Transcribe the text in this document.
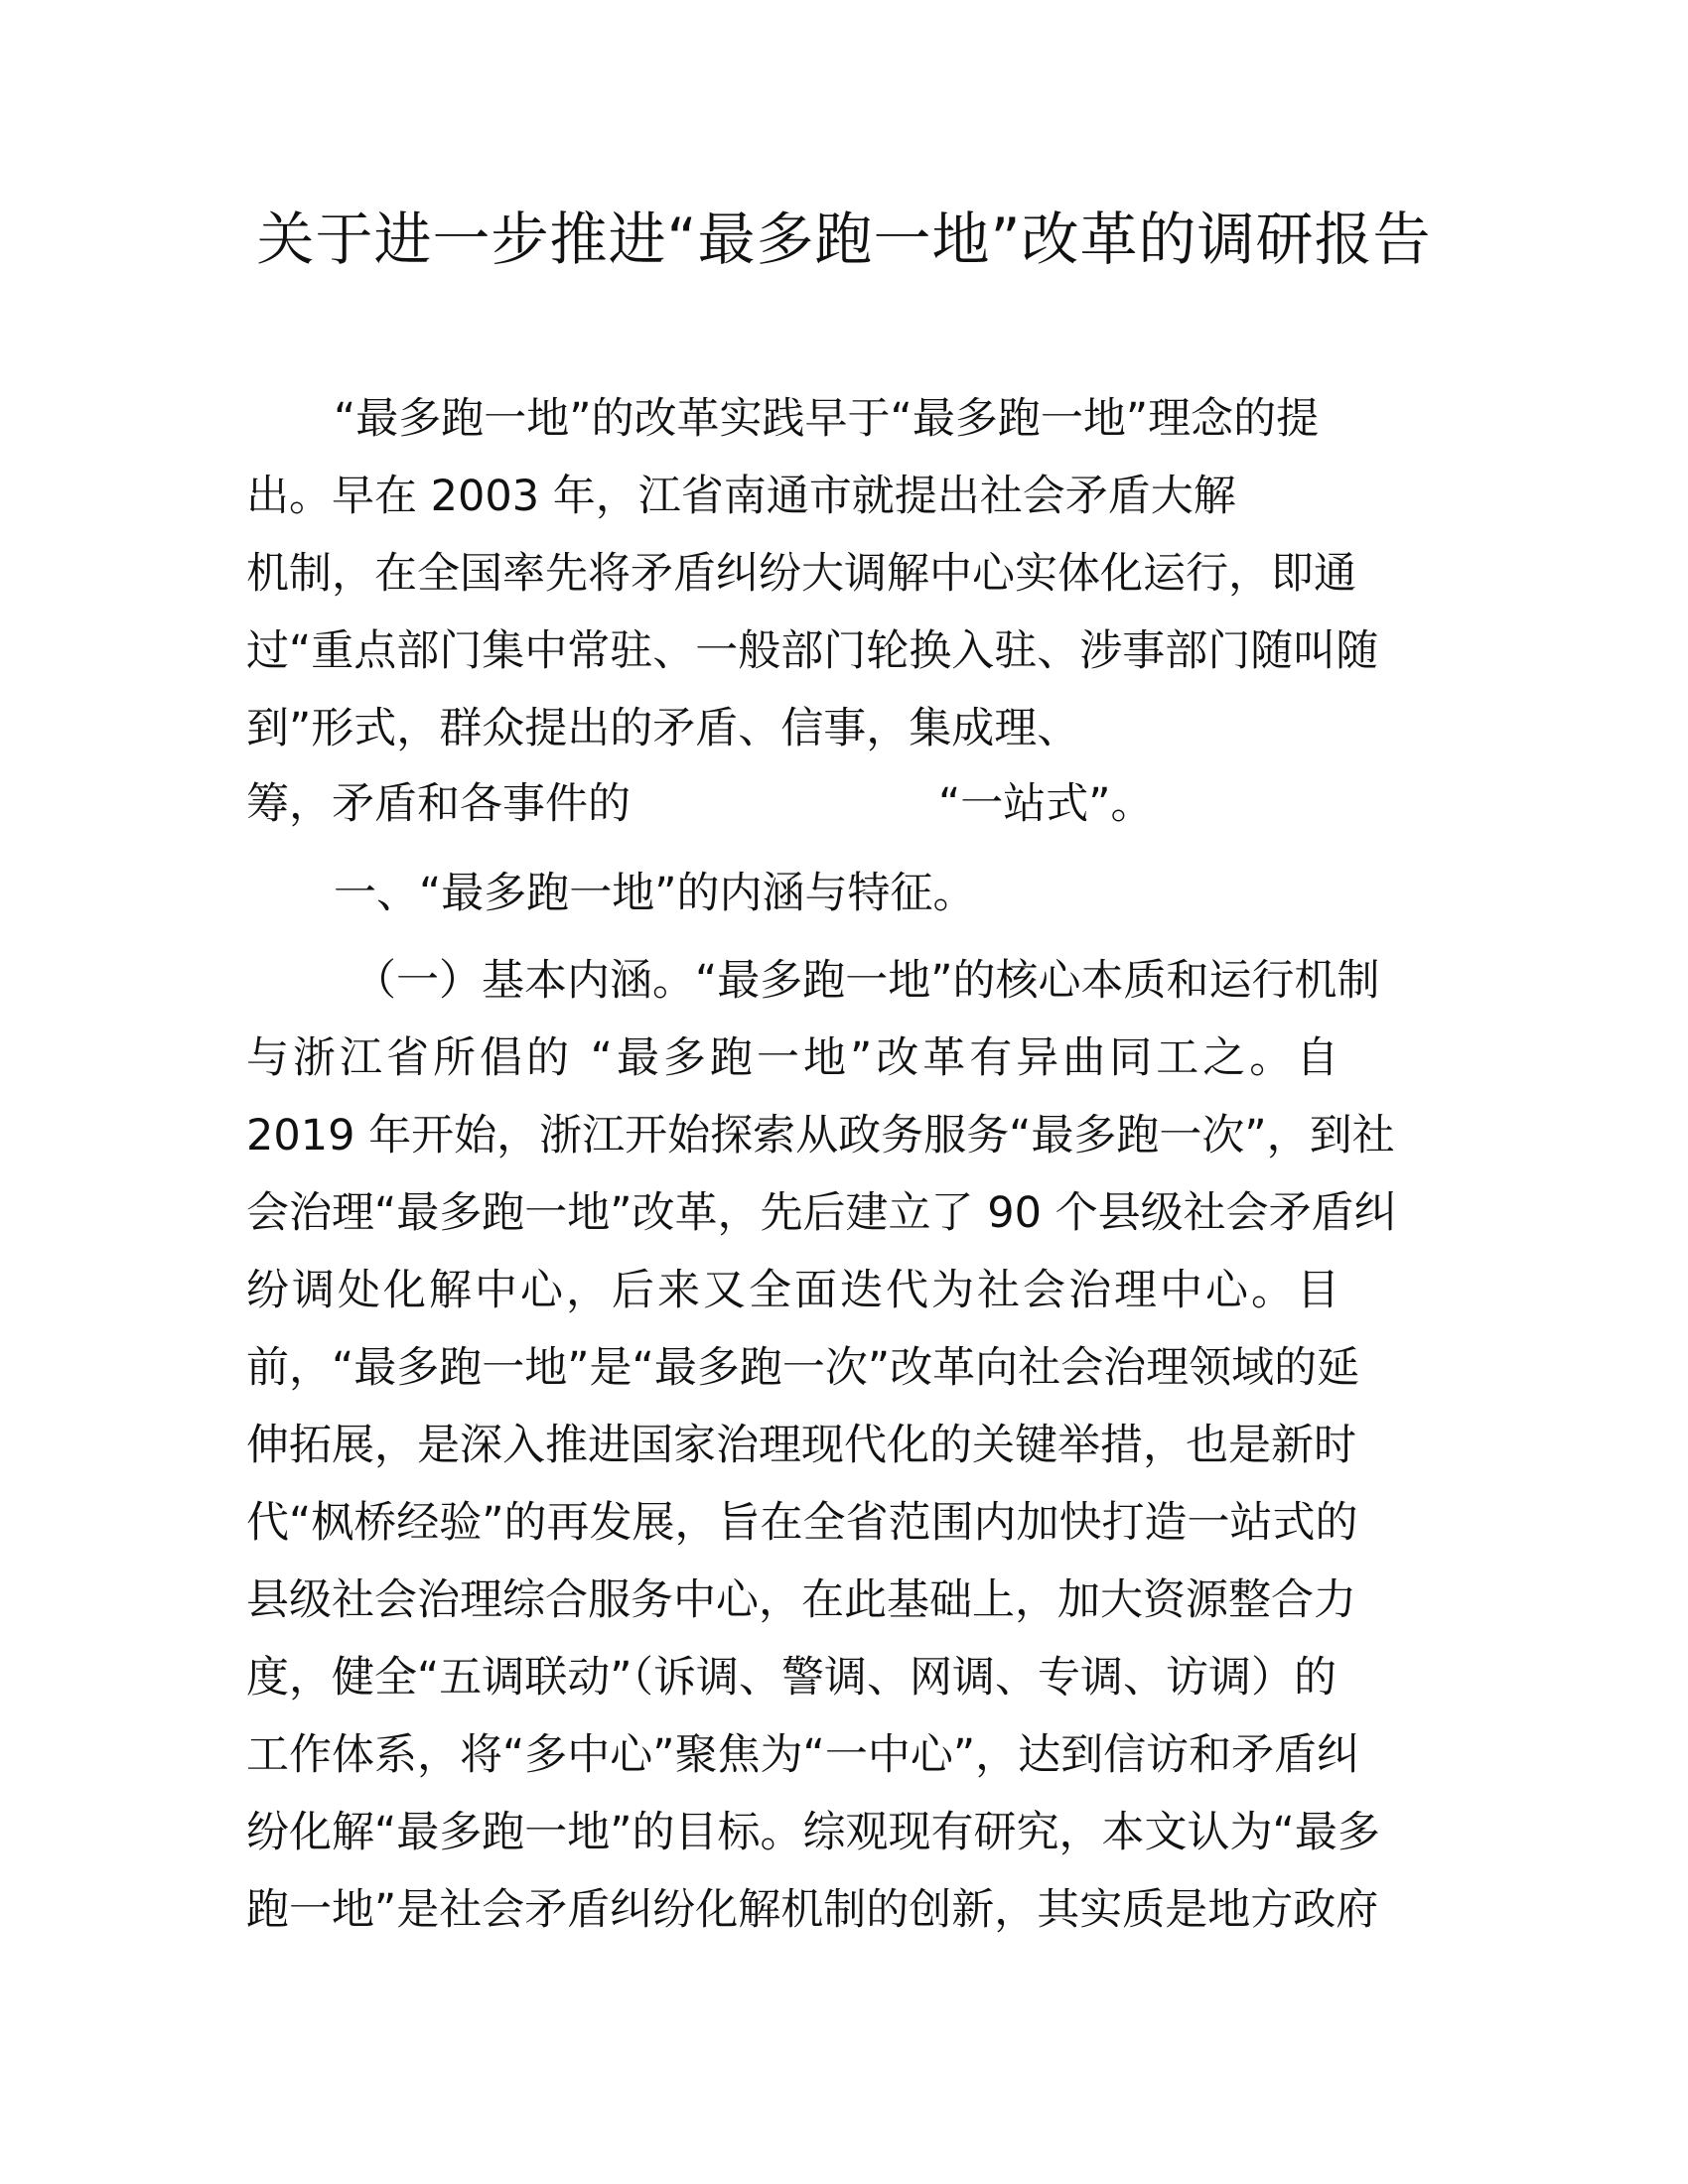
关于进一步推进“最多跑一地”改革的调研报告
“最多跑一地”的改革实践早于“最多跑一地”理念的提
出。早在 2003 年，江省南通市就提出社会矛盾大解
机制，在全国率先将矛盾纠纷大调解中心实体化运行，即通
过“重点部门集中常驻、一般部门轮换入驻、涉事部门随叫随
到”形式，群众提出的矛盾、信事，集成理、
筹，矛盾和各事件的	“一站式”。
一、“最多跑一地”的内涵与特征。
（一）基本内涵。“最多跑一地”的核心本质和运行机制
与浙江省所倡的 “最多跑一地”改革有异曲同工之。自
2019 年开始，浙江开始探索从政务服务“最多跑一次”，到社
会治理“最多跑一地”改革，先后建立了 90 个县级社会矛盾纠
纷调处化解中心，后来又全面迭代为社会治理中心。目
前，“最多跑一地”是“最多跑一次”改革向社会治理领域的延
伸拓展，是深入推进国家治理现代化的关键举措，也是新时
代“枫桥经验”的再发展，旨在全省范围内加快打造一站式的
县级社会治理综合服务中心，在此基础上，加大资源整合力
度，健全“五调联动”（诉调、警调、网调、专调、访调）的
工作体系，将“多中心”聚焦为“一中心”，达到信访和矛盾纠
纷化解“最多跑一地”的目标。综观现有研究，本文认为“最多
跑一地”是社会矛盾纠纷化解机制的创新，其实质是地方政府
